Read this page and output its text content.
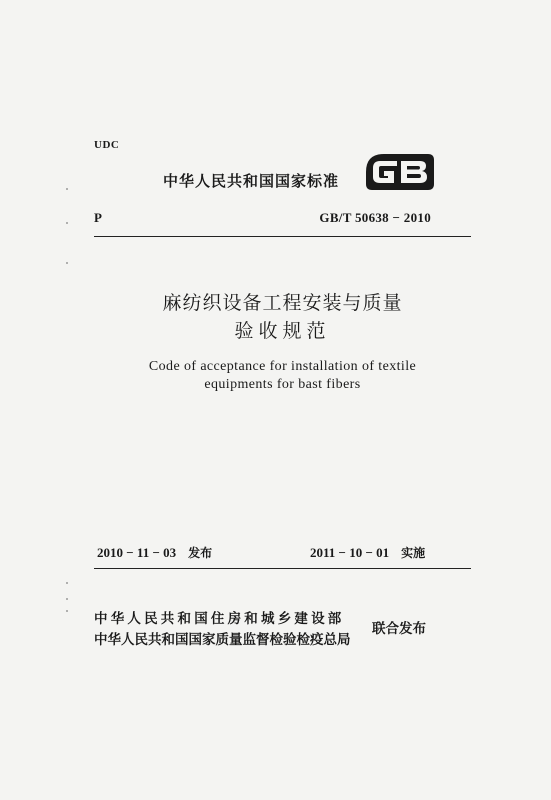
UDC
中华人民共和国国家标准
P	GB/T 50638 − 2010
麻纺织设备工程安装与质量
验收规范
Code of acceptance for installation of textile
equipments for bast fibers
2010 − 11 − 03 发布	2011 − 10 − 01 实施
中华人民共和国住房和城乡建设部
中华人民共和国国家质量监督检验检疫总局
联合发布
